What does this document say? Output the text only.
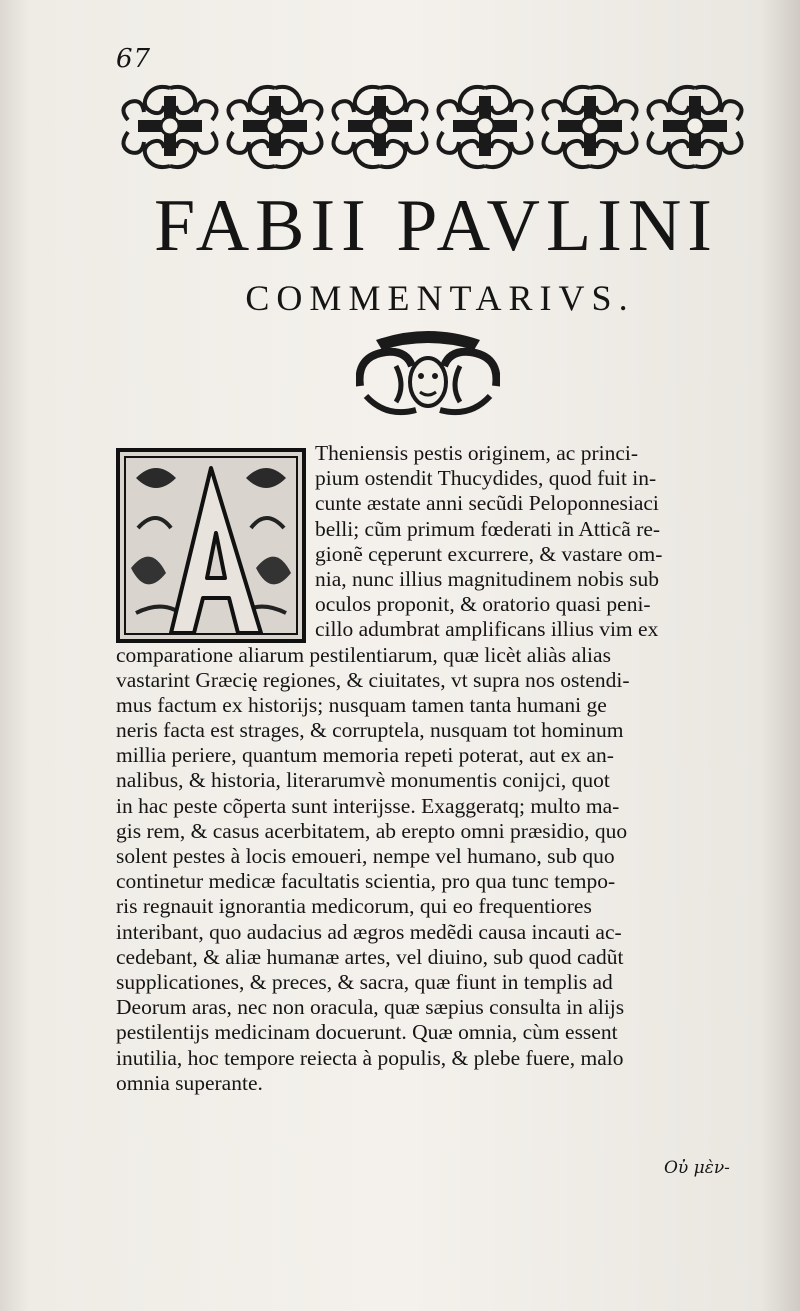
67
FABII PAVLINI
COMMENTARIVS.
Theniensis pestis originem, ac princi-
pium ostendit Thucydides, quod fuit in-
cunte æstate anni secũdi Peloponnesiaci
belli; cũm primum fœderati in Atticã re-
gionẽ cęperunt excurrere, & vastare om-
nia, nunc illius magnitudinem nobis sub
oculos proponit, & oratorio quasi peni-
cillo adumbrat amplificans illius vim ex
comparatione aliarum pestilentiarum, quæ licèt aliàs alias
vastarint Græcię regiones, & ciuitates, vt supra nos ostendi-
mus factum ex historijs; nusquam tamen tanta humani ge
neris facta est strages, & corruptela, nusquam tot hominum
millia periere, quantum memoria repeti poterat, aut ex an-
nalibus, & historia, literarumvè monumentis conijci, quot
in hac peste cõperta sunt interijsse. Exaggeratq; multo ma-
gis rem, & casus acerbitatem, ab erepto omni præsidio, quo
solent pestes à locis emoueri, nempe vel humano, sub quo
continetur medicæ facultatis scientia, pro qua tunc tempo-
ris regnauit ignorantia medicorum, qui eo frequentiores
interibant, quo audacius ad ægros medẽdi causa incauti ac-
cedebant, & aliæ humanæ artes, vel diuino, sub quod cadũt
supplicationes, & preces, & sacra, quæ fiunt in templis ad
Deorum aras, nec non oracula, quæ sæpius consulta in alijs
pestilentijs medicinam docuerunt. Quæ omnia, cùm essent
inutilia, hoc tempore reiecta à populis, & plebe fuere, malo
omnia superante.
Οὐ μὲν-
